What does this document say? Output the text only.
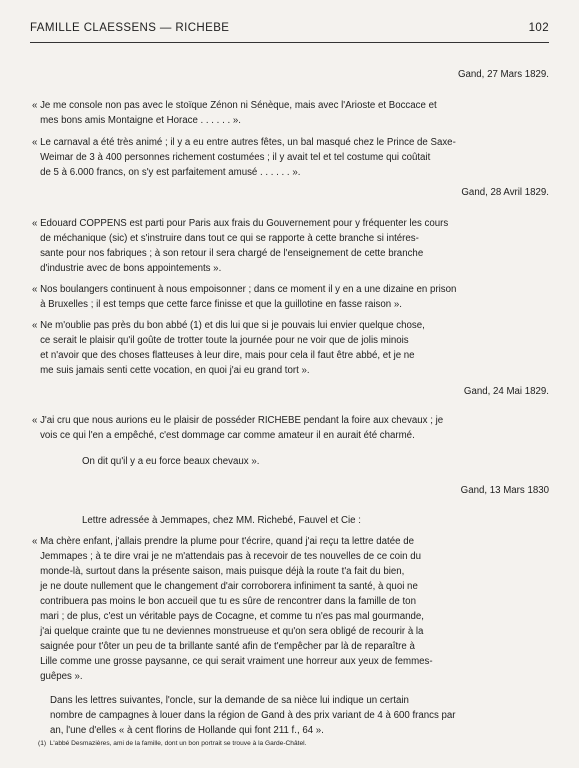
FAMILLE CLAESSENS — RICHEBE	102

Gand, 27 Mars 1829.

« Je me console non pas avec le stoïque Zénon ni Sénèque, mais avec l'Arioste et Boccace et
mes bons amis Montaigne et Horace . . . . . . ».

« Le carnaval a été très animé ; il y a eu entre autres fêtes, un bal masqué chez le Prince de Saxe-
Weimar de 3 à 400 personnes richement costumées ; il y avait tel et tel costume qui coûtait
de 5 à 6.000 francs, on s'y est parfaitement amusé . . . . . . ».

Gand, 28 Avril 1829.

« Edouard COPPENS est parti pour Paris aux frais du Gouvernement pour y fréquenter les cours
de méchanique (sic) et s'instruire dans tout ce qui se rapporte à cette branche si intéres-
sante pour nos fabriques ; à son retour il sera chargé de l'enseignement de cette branche
d'industrie avec de bons appointements ».

« Nos boulangers continuent à nous empoisonner ; dans ce moment il y en a une dizaine en prison
à Bruxelles ; il est temps que cette farce finisse et que la guillotine en fasse raison ».

« Ne m'oublie pas près du bon abbé (1) et dis lui que si je pouvais lui envier quelque chose,
ce serait le plaisir qu'il goûte de trotter toute la journée pour ne voir que de jolis minois
et n'avoir que des choses flatteuses à leur dire, mais pour cela il faut être abbé, et je ne
me suis jamais senti cette vocation, en quoi j'ai eu grand tort ».

Gand, 24 Mai 1829.

« J'ai cru que nous aurions eu le plaisir de posséder RICHEBE pendant la foire aux chevaux ; je
vois ce qui l'en a empêché, c'est dommage car comme amateur il en aurait été charmé.

On dit qu'il y a eu force beaux chevaux ».

Gand, 13 Mars 1830

Lettre adressée à Jemmapes, chez MM. Richebé, Fauvel et Cie :

« Ma chère enfant, j'allais prendre la plume pour t'écrire, quand j'ai reçu ta lettre datée de
Jemmapes ; à te dire vrai je ne m'attendais pas à recevoir de tes nouvelles de ce coin du
monde-là, surtout dans la présente saison, mais puisque déjà la route t'a fait du bien,
je ne doute nullement que le changement d'air corroborera infiniment ta santé, à quoi ne
contribuera pas moins le bon accueil que tu es sûre de rencontrer dans la famille de ton
mari ; de plus, c'est un véritable pays de Cocagne, et comme tu n'es pas mal gourmande,
j'ai quelque crainte que tu ne deviennes monstrueuse et qu'on sera obligé de recourir à la
saignée pour t'ôter un peu de ta brillante santé afin de t'empêcher par là de reparaître à
Lille comme une grosse paysanne, ce qui serait vraiment une horreur aux yeux de femmes-
guêpes ».

Dans les lettres suivantes, l'oncle, sur la demande de sa nièce lui indique un certain
nombre de campagnes à louer dans la région de Gand à des prix variant de 4 à 600 francs par
an, l'une d'elles « à cent florins de Hollande qui font 211 f., 64 ».

(1)  L'abbé Desmazières, ami de la famille, dont un bon portrait se trouve à la Garde-Châtel.
